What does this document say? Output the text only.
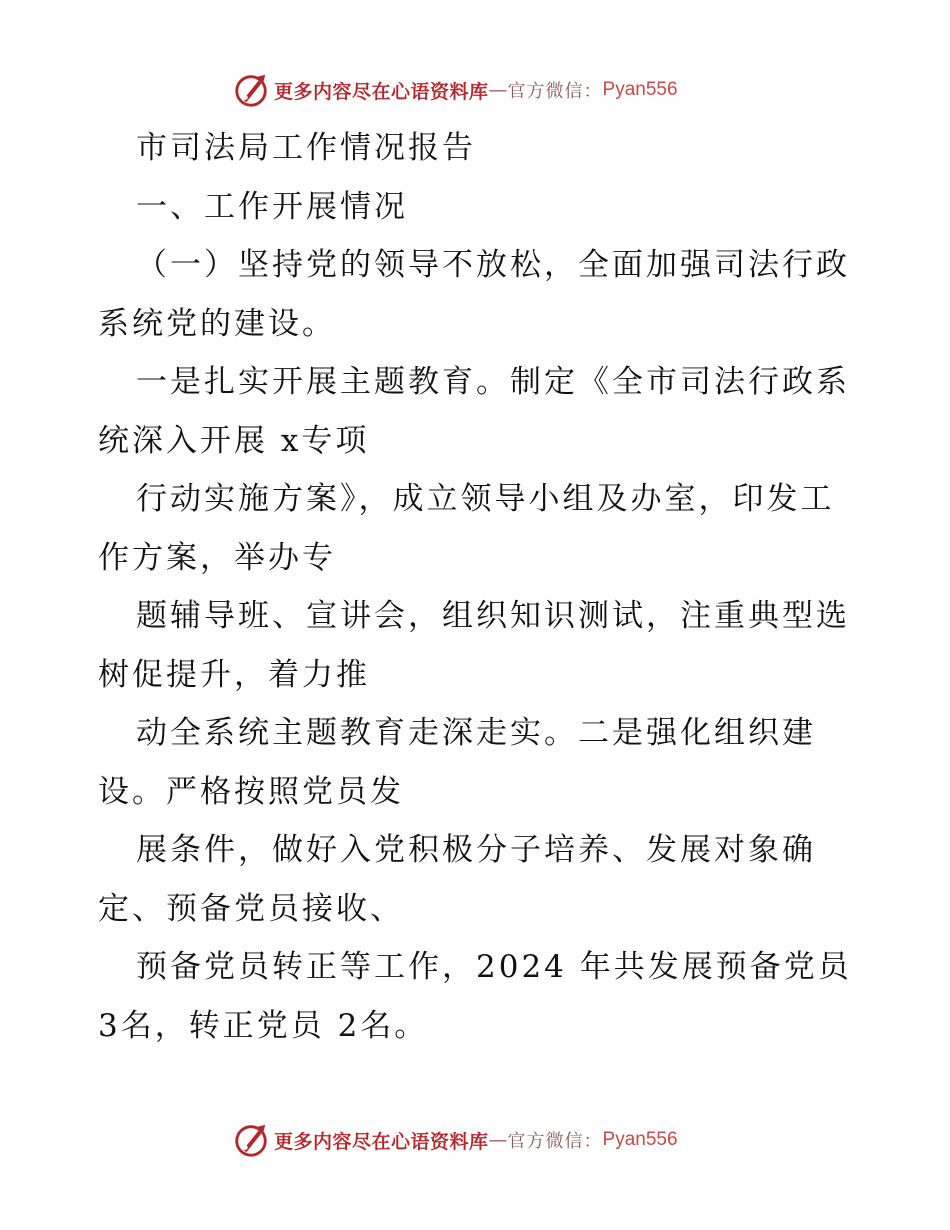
更多内容尽在心语资料库 — 官方微信： Pyan556
市司法局工作情况报告
一、工作开展情况
（一）坚持党的领导不放松，全面加强司法行政
系统党的建设。
一是扎实开展主题教育。制定《全市司法行政系
统深入开展 x专项
行动实施方案》，成立领导小组及办室，印发工
作方案，举办专
题辅导班、宣讲会，组织知识测试，注重典型选
树促提升，着力推
动全系统主题教育走深走实。二是强化组织建
设。严格按照党员发
展条件，做好入党积极分子培养、发展对象确
定、预备党员接收、
预备党员转正等工作，2024 年共发展预备党员
3名，转正党员 2名。
更多内容尽在心语资料库 — 官方微信： Pyan556
